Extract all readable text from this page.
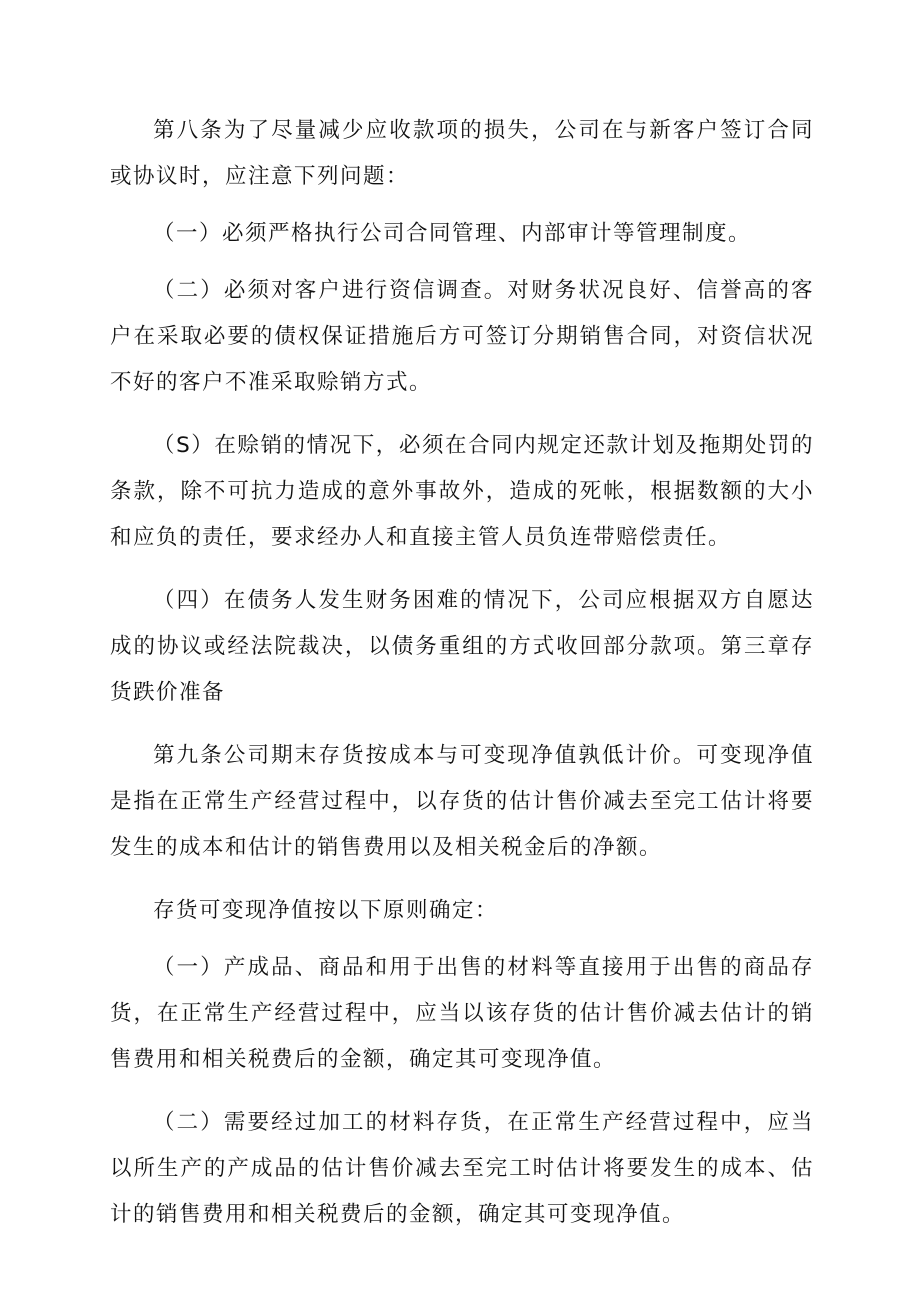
第八条为了尽量减少应收款项的损失，公司在与新客户签订合同或协议时，应注意下列问题：

（一）必须严格执行公司合同管理、内部审计等管理制度。

（二）必须对客户进行资信调查。对财务状况良好、信誉高的客户在采取必要的债权保证措施后方可签订分期销售合同，对资信状况不好的客户不准采取赊销方式。

（S）在赊销的情况下，必须在合同内规定还款计划及拖期处罚的条款，除不可抗力造成的意外事故外，造成的死帐，根据数额的大小和应负的责任，要求经办人和直接主管人员负连带赔偿责任。

（四）在债务人发生财务困难的情况下，公司应根据双方自愿达成的协议或经法院裁决，以债务重组的方式收回部分款项。第三章存货跌价准备

第九条公司期末存货按成本与可变现净值孰低计价。可变现净值是指在正常生产经营过程中，以存货的估计售价减去至完工估计将要发生的成本和估计的销售费用以及相关税金后的净额。

存货可变现净值按以下原则确定：

（一）产成品、商品和用于出售的材料等直接用于出售的商品存货，在正常生产经营过程中，应当以该存货的估计售价减去估计的销售费用和相关税费后的金额，确定其可变现净值。

（二）需要经过加工的材料存货，在正常生产经营过程中，应当以所生产的产成品的估计售价减去至完工时估计将要发生的成本、估计的销售费用和相关税费后的金额，确定其可变现净值。
